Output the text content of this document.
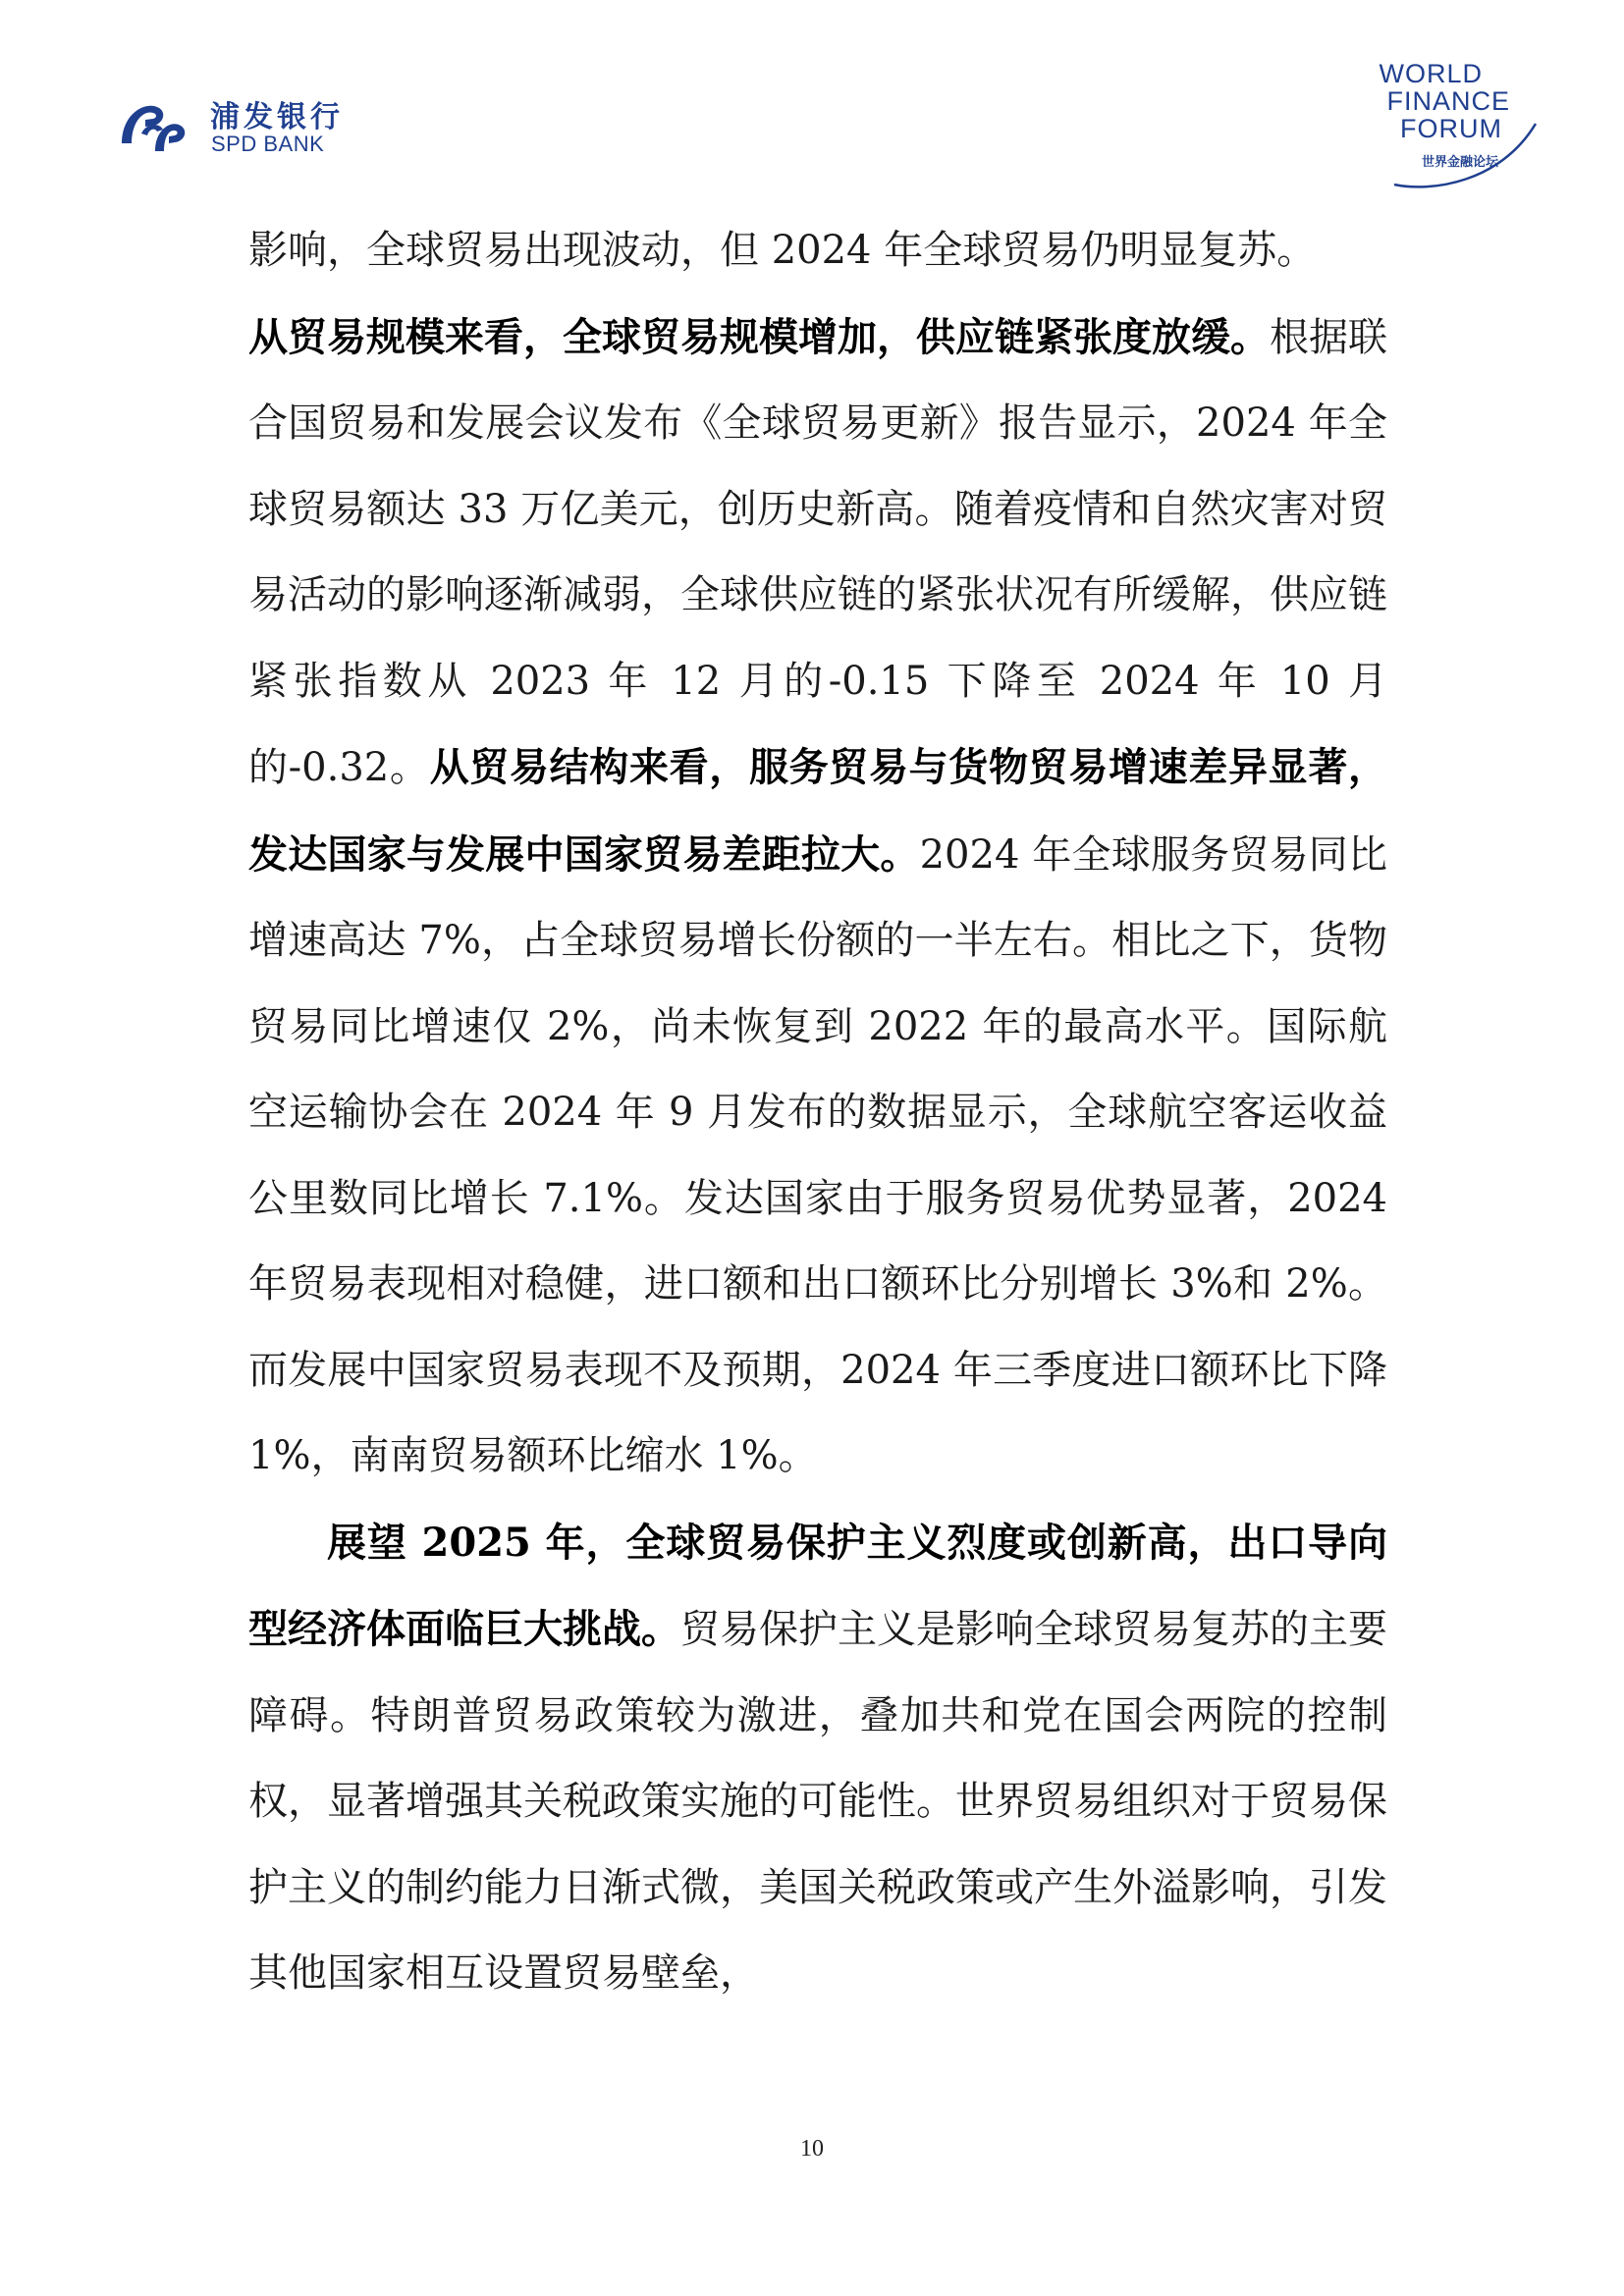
浦发银行
SPD BANK
WORLD
FINANCE
FORUM
世界金融论坛

影响，全球贸易出现波动，但 2024 年全球贸易仍明显复苏。

从贸易规模来看，全球贸易规模增加，供应链紧张度放缓。根据联合国贸易和发展会议发布《全球贸易更新》报告显示，2024 年全球贸易额达 33 万亿美元，创历史新高。随着疫情和自然灾害对贸易活动的影响逐渐减弱，全球供应链的紧张状况有所缓解，供应链紧张指数从 2023 年 12 月的-0.15 下降至 2024 年 10 月的-0.32。从贸易结构来看，服务贸易与货物贸易增速差异显著，发达国家与发展中国家贸易差距拉大。2024 年全球服务贸易同比增速高达 7%，占全球贸易增长份额的一半左右。相比之下，货物贸易同比增速仅 2%，尚未恢复到 2022 年的最高水平。国际航空运输协会在 2024 年 9 月发布的数据显示，全球航空客运收益公里数同比增长 7.1%。发达国家由于服务贸易优势显著，2024 年贸易表现相对稳健，进口额和出口额环比分别增长 3%和 2%。而发展中国家贸易表现不及预期，2024 年三季度进口额环比下降 1%，南南贸易额环比缩水 1%。

展望 2025 年，全球贸易保护主义烈度或创新高，出口导向型经济体面临巨大挑战。贸易保护主义是影响全球贸易复苏的主要障碍。特朗普贸易政策较为激进，叠加共和党在国会两院的控制权，显著增强其关税政策实施的可能性。世界贸易组织对于贸易保护主义的制约能力日渐式微，美国关税政策或产生外溢影响，引发其他国家相互设置贸易壁垒，

10
